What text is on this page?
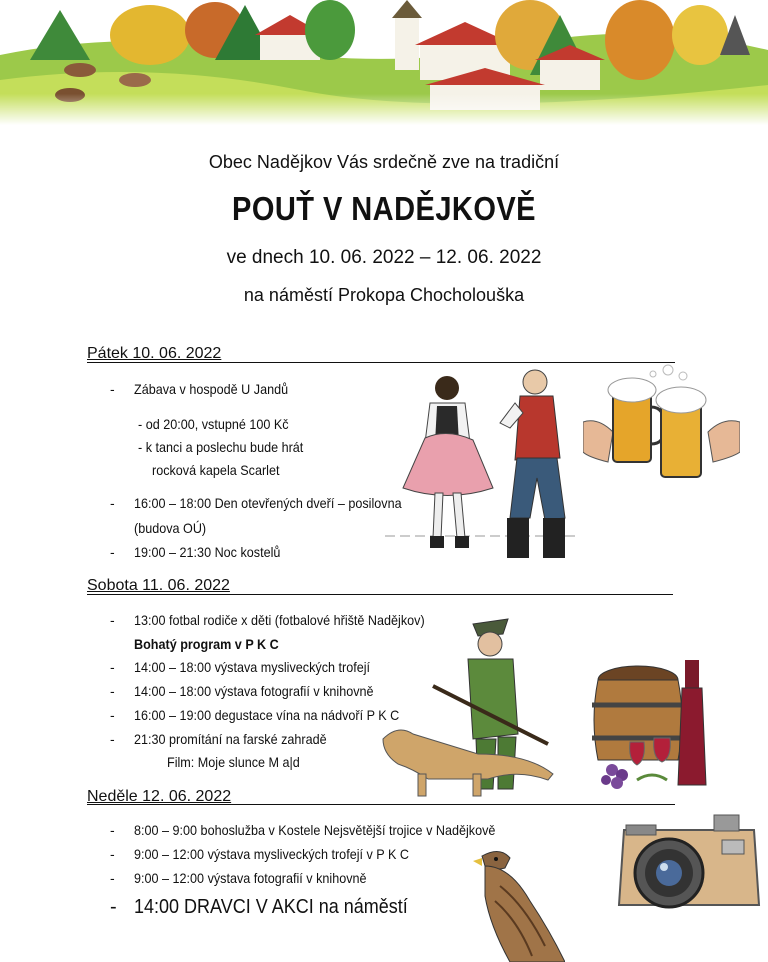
Obec Nadějkov Vás srdečně zve na tradiční
POUŤ V NADĚJKOVĚ
ve dnech 10. 06. 2022 – 12. 06. 2022
na náměstí Prokopa Chocholouška
Pátek 10. 06. 2022
- Zábava v hospodě U Jandů
- od 20:00, vstupné 100 Kč
- k tanci a poslechu bude hrát
rocková kapela Scarlet
- 16:00 – 18:00 Den otevřených dveří – posilovna
(budova OÚ)
- 19:00 – 21:30 Noc kostelů
Sobota 11. 06. 2022
- 13:00 fotbal rodiče x děti (fotbalové hřiště Nadějkov)
Bohatý program v P K C
- 14:00 – 18:00 výstava mysliveckých trofejí
- 14:00 – 18:00 výstava fotografií v knihovně
- 16:00 – 19:00 degustace vína na nádvoří P K C
- 21:30 promítání na farské zahradě
Film: Moje slunce M a|d
Neděle 12. 06. 2022
- 8:00 – 9:00 bohoslužba v Kostele Nejsvětější trojice v Nadějkově
- 9:00 – 12:00 výstava mysliveckých trofejí v P K C
- 9:00 – 12:00 výstava fotografií v knihovně
- 14:00 DRAVCI V AKCI na náměstí
